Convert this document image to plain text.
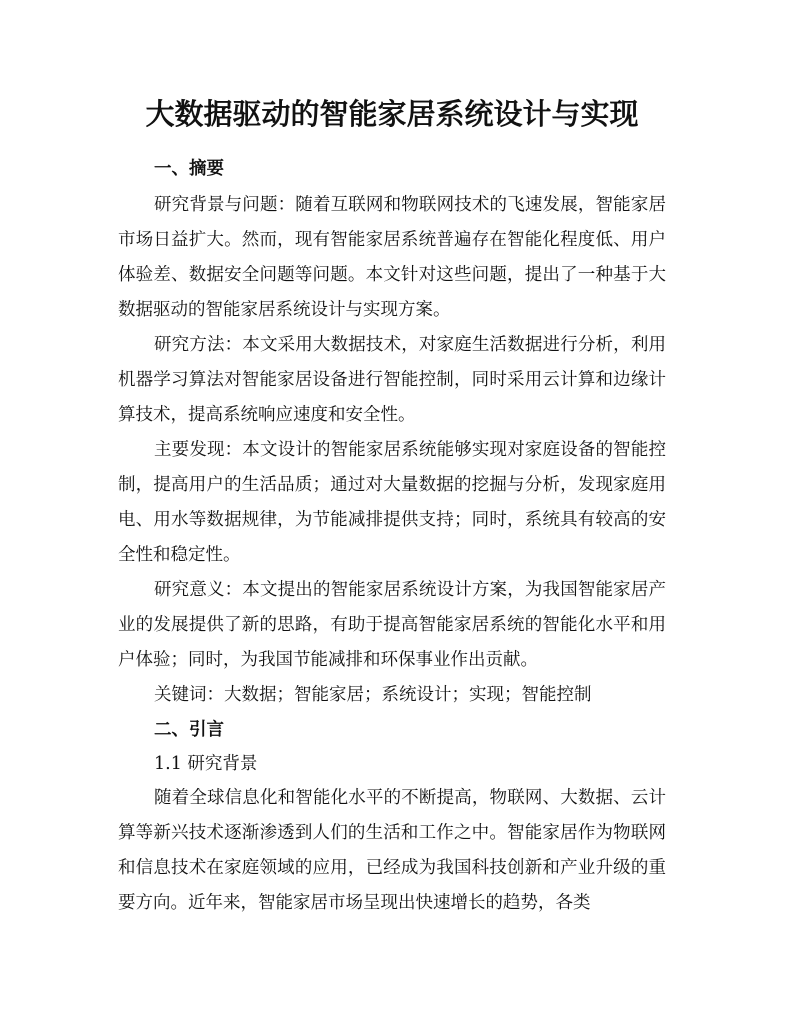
大数据驱动的智能家居系统设计与实现
一、摘要

研究背景与问题：随着互联网和物联网技术的飞速发展，智能家居市场日益扩大。然而，现有智能家居系统普遍存在智能化程度低、用户体验差、数据安全问题等问题。本文针对这些问题，提出了一种基于大数据驱动的智能家居系统设计与实现方案。

研究方法：本文采用大数据技术，对家庭生活数据进行分析，利用机器学习算法对智能家居设备进行智能控制，同时采用云计算和边缘计算技术，提高系统响应速度和安全性。

主要发现：本文设计的智能家居系统能够实现对家庭设备的智能控制，提高用户的生活品质；通过对大量数据的挖掘与分析，发现家庭用电、用水等数据规律，为节能减排提供支持；同时，系统具有较高的安全性和稳定性。

研究意义：本文提出的智能家居系统设计方案，为我国智能家居产业的发展提供了新的思路，有助于提高智能家居系统的智能化水平和用户体验；同时，为我国节能减排和环保事业作出贡献。

关键词：大数据；智能家居；系统设计；实现；智能控制
二、引言
1.1 研究背景

随着全球信息化和智能化水平的不断提高，物联网、大数据、云计算等新兴技术逐渐渗透到人们的生活和工作之中。智能家居作为物联网和信息技术在家庭领域的应用，已经成为我国科技创新和产业升级的重要方向。近年来，智能家居市场呈现出快速增长的趋势，各类
